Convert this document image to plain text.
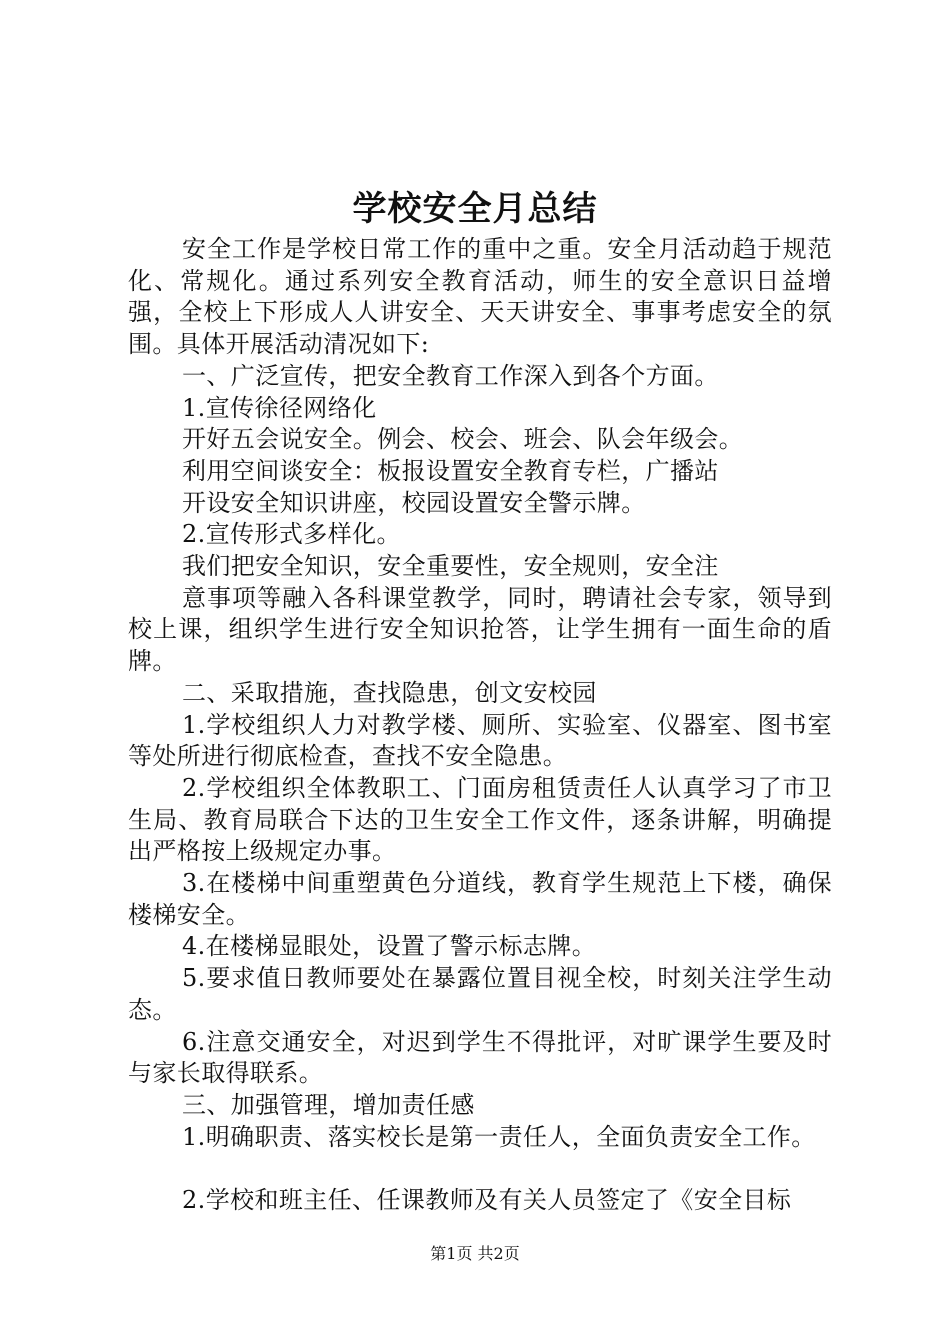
学校安全月总结

安全工作是学校日常工作的重中之重。安全月活动趋于规范化、常规化。通过系列安全教育活动，师生的安全意识日益增强，全校上下形成人人讲安全、天天讲安全、事事考虑安全的氛围。具体开展活动清况如下:

一、广泛宣传，把安全教育工作深入到各个方面。

1.宣传徐径网络化

开好五会说安全。例会、校会、班会、队会年级会。

利用空间谈安全：板报设置安全教育专栏，广播站

开设安全知识讲座，校园设置安全警示牌。

2.宣传形式多样化。

我们把安全知识，安全重要性，安全规则，安全注

意事项等融入各科课堂教学，同时，聘请社会专家，领导到校上课，组织学生进行安全知识抢答，让学生拥有一面生命的盾牌。

二、采取措施，查找隐患，创文安校园

1.学校组织人力对教学楼、厕所、实验室、仪器室、图书室等处所进行彻底检查，查找不安全隐患。

2.学校组织全体教职工、门面房租赁责任人认真学习了市卫生局、教育局联合下达的卫生安全工作文件，逐条讲解，明确提出严格按上级规定办事。

3.在楼梯中间重塑黄色分道线，教育学生规范上下楼，确保楼梯安全。

4.在楼梯显眼处，设置了警示标志牌。

5.要求值日教师要处在暴露位置目视全校，时刻关注学生动态。

6.注意交通安全，对迟到学生不得批评，对旷课学生要及时与家长取得联系。

三、加强管理，增加责任感

1.明确职责、落实校长是第一责任人，全面负责安全工作。

2.学校和班主任、任课教师及有关人员签定了《安全目标

第1页 共2页
